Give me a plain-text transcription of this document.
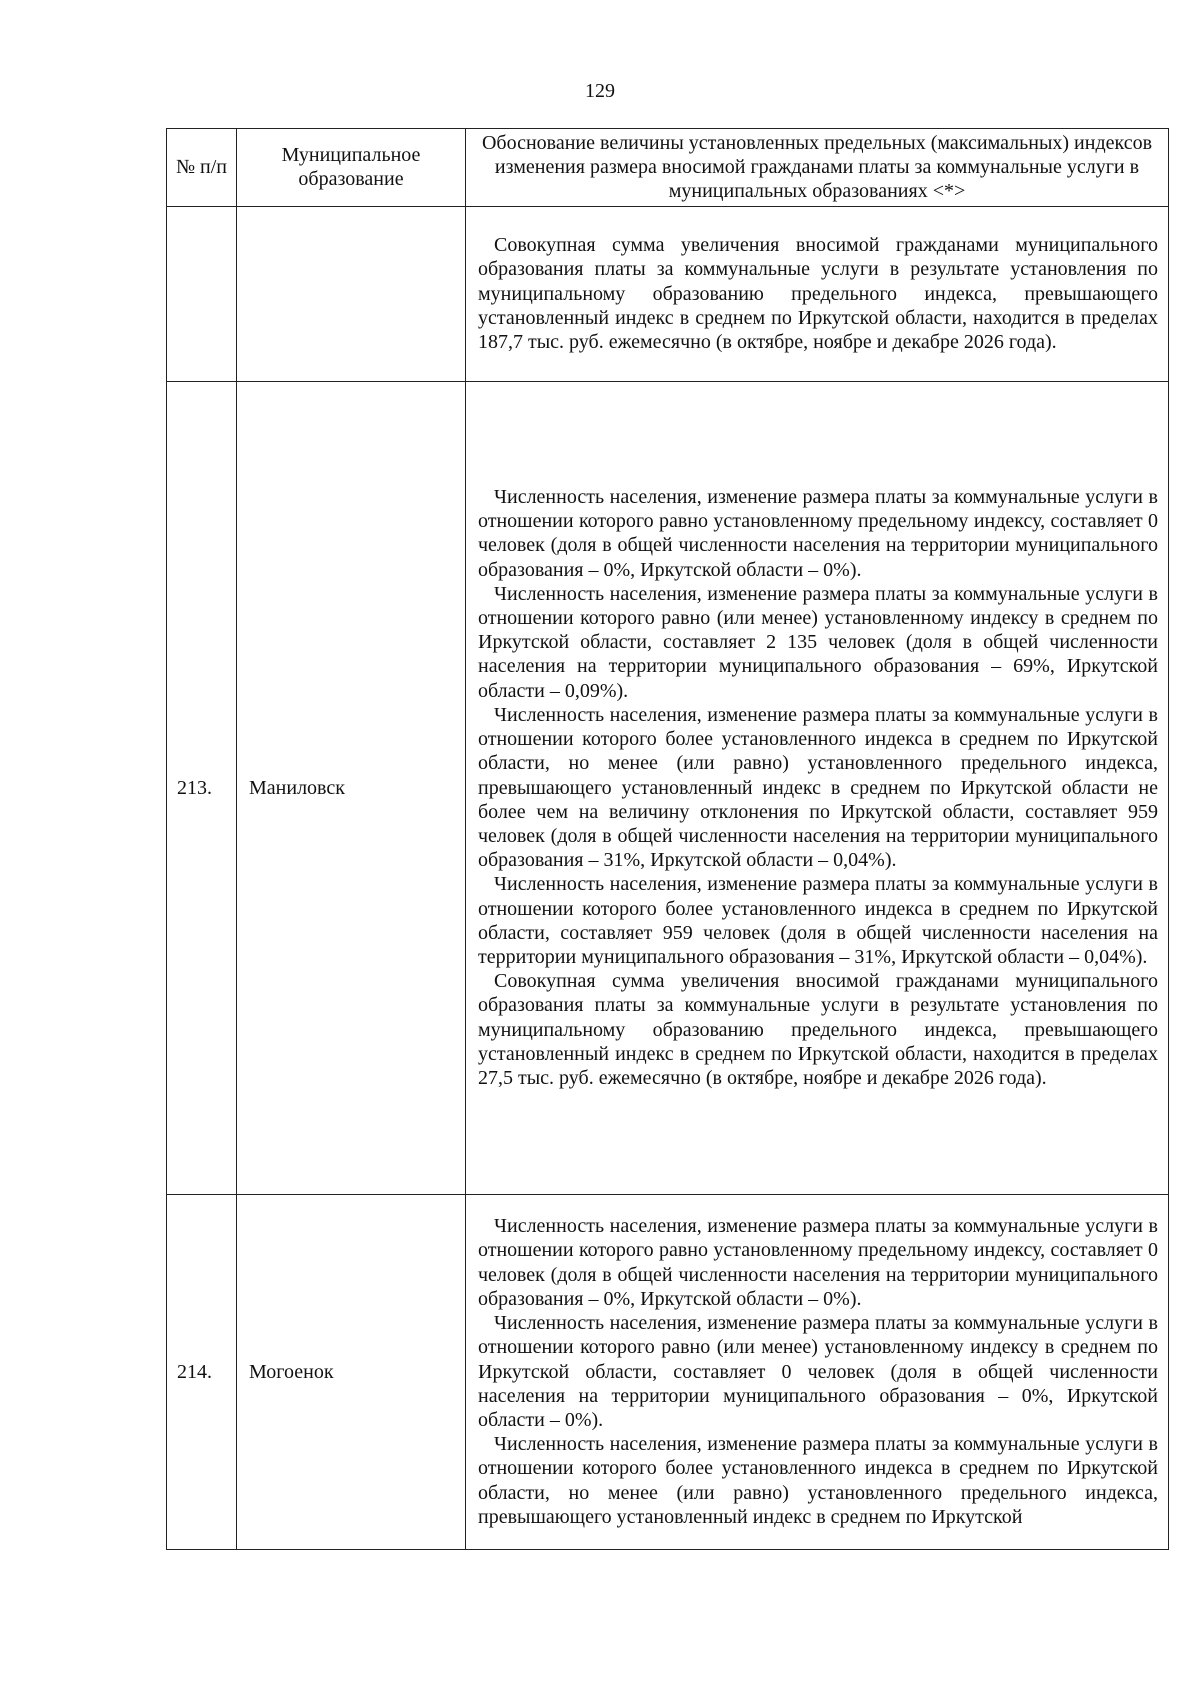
129
№ п/п	Муниципальное образование	Обоснование величины установленных предельных (максимальных) индексов изменения размера вносимой гражданами платы за коммунальные услуги в муниципальных образованиях <*>

		Совокупная сумма увеличения вносимой гражданами муниципального образования платы за коммунальные услуги в результате установления по муниципальному образованию предельного индекса, превышающего установленный индекс в среднем по Иркутской области, находится в пределах 187,7 тыс. руб. ежемесячно (в октябре, ноябре и декабре 2026 года).

213.	Маниловск	Численность населения, изменение размера платы за коммунальные услуги в отношении которого равно установленному предельному индексу, составляет 0 человек (доля в общей численности населения на территории муниципального образования – 0%, Иркутской области – 0%).

Численность населения, изменение размера платы за коммунальные услуги в отношении которого равно (или менее) установленному индексу в среднем по Иркутской области, составляет 2 135 человек (доля в общей численности населения на территории муниципального образования – 69%, Иркутской области – 0,09%).

Численность населения, изменение размера платы за коммунальные услуги в отношении которого более установленного индекса в среднем по Иркутской области, но менее (или равно) установленного предельного индекса, превышающего установленный индекс в среднем по Иркутской области не более чем на величину отклонения по Иркутской области, составляет 959 человек (доля в общей численности населения на территории муниципального образования – 31%, Иркутской области – 0,04%).

Численность населения, изменение размера платы за коммунальные услуги в отношении которого более установленного индекса в среднем по Иркутской области, составляет 959 человек (доля в общей численности населения на территории муниципального образования – 31%, Иркутской области – 0,04%).

Совокупная сумма увеличения вносимой гражданами муниципального образования платы за коммунальные услуги в результате установления по муниципальному образованию предельного индекса, превышающего установленный индекс в среднем по Иркутской области, находится в пределах 27,5 тыс. руб. ежемесячно (в октябре, ноябре и декабре 2026 года).

214.	Могоенок	Численность населения, изменение размера платы за коммунальные услуги в отношении которого равно установленному предельному индексу, составляет 0 человек (доля в общей численности населения на территории муниципального образования – 0%, Иркутской области – 0%).

Численность населения, изменение размера платы за коммунальные услуги в отношении которого равно (или менее) установленному индексу в среднем по Иркутской области, составляет 0 человек (доля в общей численности населения на территории муниципального образования – 0%, Иркутской области – 0%).

Численность населения, изменение размера платы за коммунальные услуги в отношении которого более установленного индекса в среднем по Иркутской области, но менее (или равно) установленного предельного индекса, превышающего установленный индекс в среднем по Иркутской
